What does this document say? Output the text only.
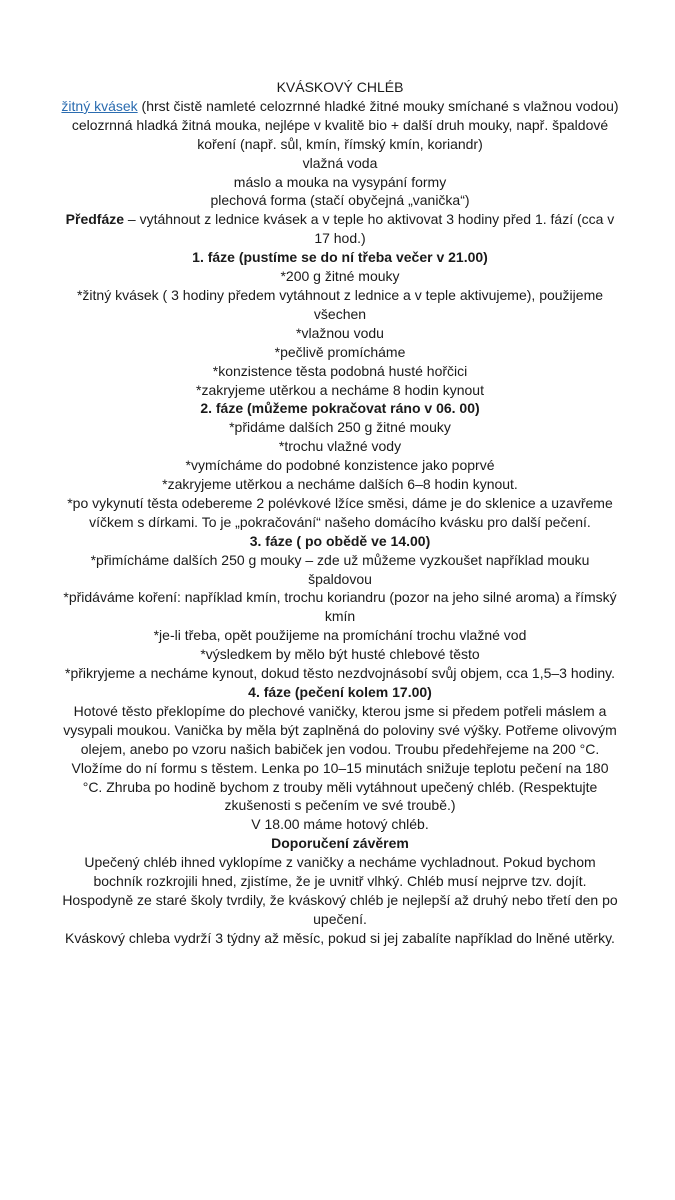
KVÁSKOVÝ CHLÉB

žitný kvásek (hrst čistě namleté celozrnné hladké žitné mouky smíchané s vlažnou vodou)

celozrnná hladká žitná mouka, nejlépe v kvalitě bio + další druh mouky, např. špaldové

koření (např. sůl, kmín, římský kmín, koriandr)

vlažná voda

máslo a mouka na vysypání formy

plechová forma (stačí obyčejná „vanička“)

Předfáze – vytáhnout z lednice kvásek a v teple ho aktivovat 3 hodiny před 1. fází (cca v 17 hod.)

1. fáze (pustíme se do ní třeba večer v 21.00)

*200 g žitné mouky

*žitný kvásek ( 3 hodiny předem vytáhnout z lednice a v teple aktivujeme), použijeme všechen

*vlažnou vodu

*pečlivě promícháme

*konzistence těsta podobná husté hořčici

*zakryjeme utěrkou a necháme 8 hodin kynout

2. fáze (můžeme pokračovat ráno v 06. 00)

*přidáme dalších 250 g žitné mouky

*trochu vlažné vody

*vymícháme do podobné konzistence jako poprvé

*zakryjeme utěrkou a necháme dalších 6–8 hodin kynout.

*po vykynutí těsta odebereme 2 polévkové lžíce směsi, dáme je do sklenice a uzavřeme víčkem s dírkami. To je „pokračování“ našeho domácího kvásku pro další pečení.

3. fáze ( po obědě ve 14.00)

*přimícháme dalších 250 g mouky – zde už můžeme vyzkoušet například mouku špaldovou

*přidáváme koření: například kmín, trochu koriandru (pozor na jeho silné aroma) a římský kmín

*je-li třeba, opět použijeme na promíchání trochu vlažné vod

*výsledkem by mělo být husté chlebové těsto

*přikryjeme a necháme kynout, dokud těsto nezdvojnásobí svůj objem, cca 1,5–3 hodiny.

4. fáze (pečení kolem 17.00)

Hotové těsto překlopíme do plechové vaničky, kterou jsme si předem potřeli máslem a vysypali moukou. Vanička by měla být zaplněná do poloviny své výšky. Potřeme olivovým olejem, anebo po vzoru našich babiček jen vodou. Troubu předehřejeme na 200 °C. Vložíme do ní formu s těstem. Lenka po 10–15 minutách snižuje teplotu pečení na 180 °C. Zhruba po hodině bychom z trouby měli vytáhnout upečený chléb. (Respektujte zkušenosti s pečením ve své troubě.)

V 18.00 máme hotový chléb.

Doporučení závěrem

Upečený chléb ihned vyklopíme z vaničky a necháme vychladnout. Pokud bychom bochník rozkrojili hned, zjistíme, že je uvnitř vlhký. Chléb musí nejprve tzv. dojít. Hospodyně ze staré školy tvrdily, že kváskový chléb je nejlepší až druhý nebo třetí den po upečení.

Kváskový chleba vydrží 3 týdny až měsíc, pokud si jej zabalíte například do lněné utěrky.
